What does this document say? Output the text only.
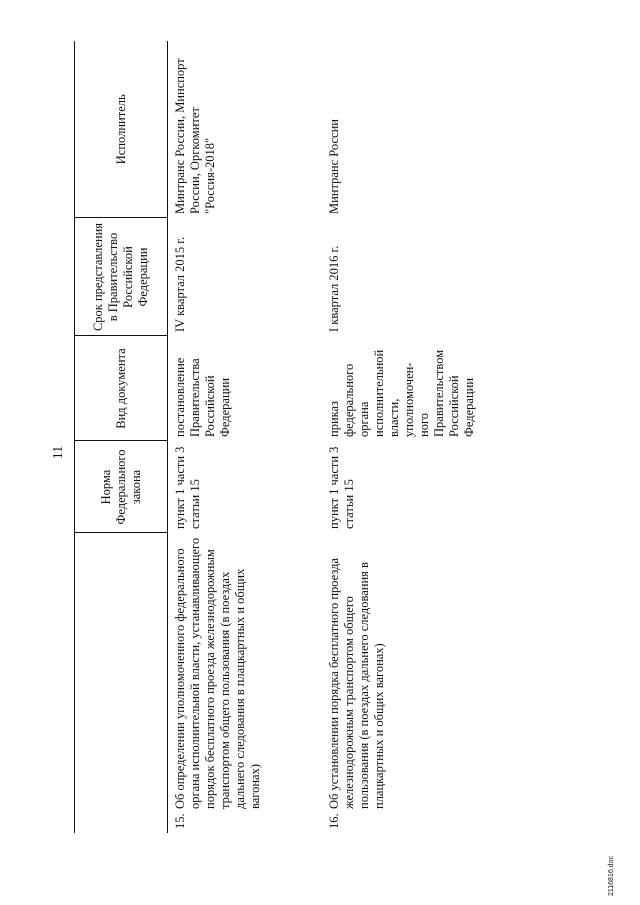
11
	Норма Федерального закона	Вид документа	Срок представления в Правительство Российской Федерации	Исполнитель

15.
Об определении уполномоченного федерального органа исполнительной власти, устанавливающего порядок бесплатного проезда железнодорожным транспортом общего пользования (в поездах дальнего следования в плацкартных и общих вагонах)	пункт 1 части 3 статьи 15	постановление Правительства Российской Федерации	IV квартал 2015 г.	Минтранс России, Минспорт России, Оргкомитет "Россия-2018"

16.
Об установлении порядка бесплатного проезда железнодорожным транспортом общего пользования (в поездах дальнего следования в плацкартных и общих вагонах)	пункт 1 части 3 статьи 15	приказ федерального органа исполнительной власти, уполномочен-ного Правительством Российской Федерации	I квартал 2016 г.	Минтранс России
2116816.doc
